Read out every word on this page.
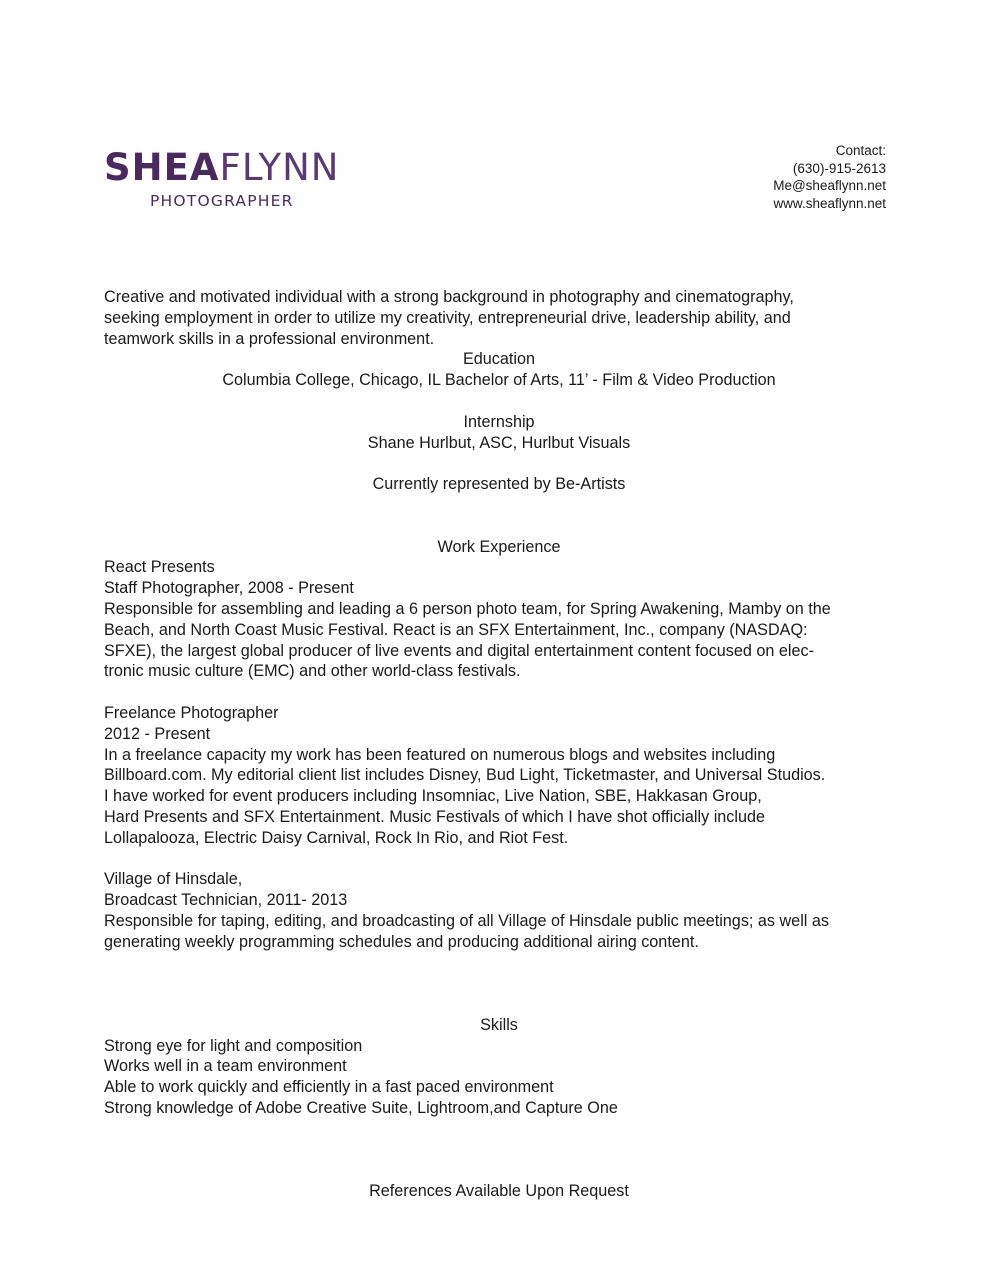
SHEAFLYNN
PHOTOGRAPHER
Contact:
(630)-915-2613
Me@sheaflynn.net
www.sheaflynn.net

Creative and motivated individual with a strong background in photography and cinematography,

seeking employment in order to utilize my creativity, entrepreneurial drive, leadership ability, and

teamwork skills in a professional environment.

Education

Columbia College, Chicago, IL Bachelor of Arts, 11’ - Film & Video Production

Internship

Shane Hurlbut, ASC, Hurlbut Visuals

Currently represented by Be-Artists

Work Experience

React Presents

Staff Photographer, 2008 - Present

Responsible for assembling and leading a 6 person photo team, for Spring Awakening, Mamby on the

Beach, and North Coast Music Festival. React is an SFX Entertainment, Inc., company (NASDAQ:

SFXE), the largest global producer of live events and digital entertainment content focused on elec-

tronic music culture (EMC) and other world-class festivals.

Freelance Photographer

2012 - Present

In a freelance capacity my work has been featured on numerous blogs and websites including

Billboard.com. My editorial client list includes Disney, Bud Light, Ticketmaster, and Universal Studios.

I have worked for event producers including Insomniac, Live Nation, SBE, Hakkasan Group,

Hard Presents and SFX Entertainment. Music Festivals of which I have shot officially include

Lollapalooza, Electric Daisy Carnival, Rock In Rio, and Riot Fest.

Village of Hinsdale,

Broadcast Technician, 2011- 2013

Responsible for taping, editing, and broadcasting of all Village of Hinsdale public meetings; as well as

generating weekly programming schedules and producing additional airing content.

Skills

Strong eye for light and composition

Works well in a team environment

Able to work quickly and efficiently in a fast paced environment

Strong knowledge of Adobe Creative Suite, Lightroom,and Capture One

References Available Upon Request
